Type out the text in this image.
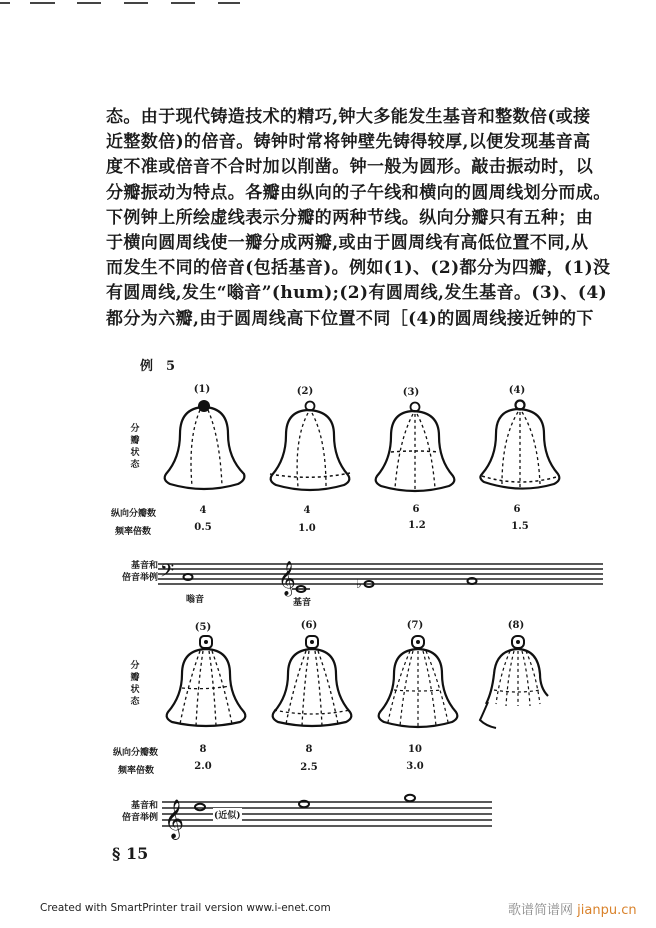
态。由于现代铸造技术的精巧,钟大多能发生基音和整数倍(或接

近整数倍)的倍音。铸钟时常将钟壁先铸得较厚,以便发现基音高

度不准或倍音不合时加以削凿。钟一般为圆形。敲击振动时，以

分瓣振动为特点。各瓣由纵向的子午线和横向的圆周线划分而成。

下例钟上所绘虚线表示分瓣的两种节线。纵向分瓣只有五种；由

于横向圆周线使一瓣分成两瓣,或由于圆周线有高低位置不同,从

而发生不同的倍音(包括基音)。例如(1)、(2)都分为四瓣，(1)没

有圆周线,发生“嗡音”(hum);(2)有圆周线,发生基音。(3)、(4)

都分为六瓣,由于圆周线高下位置不同［(4)的圆周线接近钟的下

例　5
分瓣状态
(1)	(2)	(3)	(4)
纵向分瓣数
频率倍数
4	4	6	6
0.5	1.0	1.2	1.5
基音和
倍音举例 𝄢	𝄞	♭
嗡音	基音
分瓣状态
(5)	(6)	(7)	(8)
纵向分瓣数
频率倍数
8	8	10
2.0	2.5	3.0
基音和
倍音举例 𝄞	(近似)
§ 15
Created with SmartPrinter trail version www.i-enet.com	歌谱简谱网 jianpu.cn
